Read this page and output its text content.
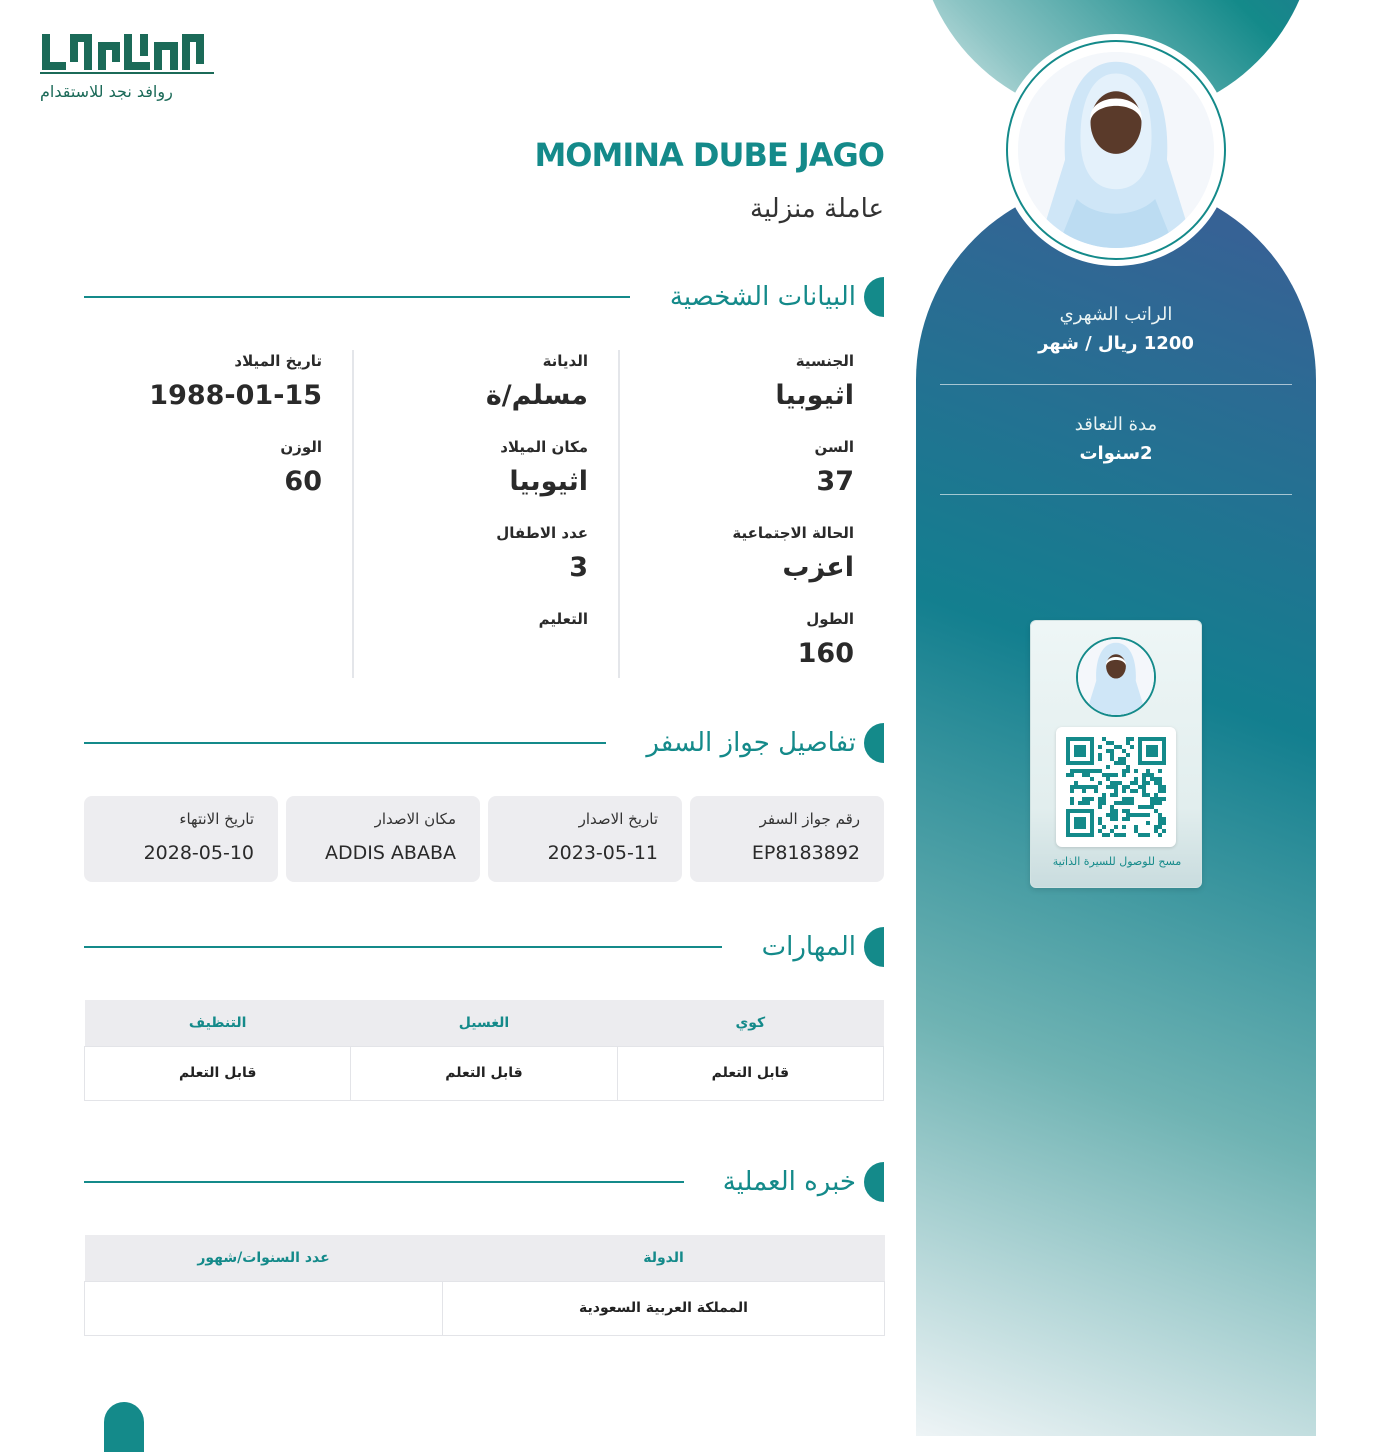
الراتب الشهري
1200 ريال / شهر
مدة التعاقد
2سنوات
مسح للوصول للسيرة الذاتية
روافد نجد للاستقدام
MOMINA DUBE JAGO
عاملة منزلية
البيانات الشخصية
الجنسية
اثيوبيا
السن
37
الحالة الاجتماعية
اعزب
الطول
160
الديانة
مسلم/ة
مكان الميلاد
اثيوبيا
عدد الاطفال
3
التعليم
تاريخ الميلاد
1988-01-15
الوزن
60
تفاصيل جواز السفر
رقم جواز السفر
EP8183892
تاريخ الاصدار
2023-05-11
مكان الاصدار
ADDIS ABABA
تاريخ الانتهاء
2028-05-10
المهارات
كوي	الغسيل	التنظيف
قابل التعلم	قابل التعلم	قابل التعلم
خبره العملية
الدولة	عدد السنوات/شهور
المملكة العربية السعودية	
